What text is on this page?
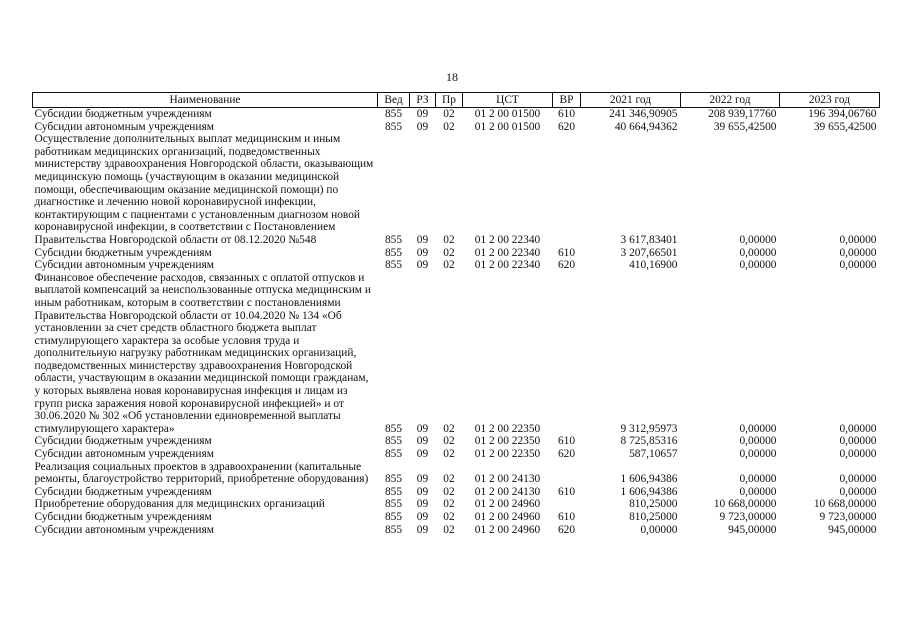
18
Наименование	Вед	РЗ	Пр	ЦСТ	ВР	2021 год	2022 год	2023 год
Субсидии бюджетным учреждениям	855	09	02	01 2 00 01500	610	241 346,90905	208 939,17760	196 394,06760
Субсидии автономным учреждениям	855	09	02	01 2 00 01500	620	40 664,94362	39 655,42500	39 655,42500
Осуществление дополнительных выплат медицинским и иным работникам медицинских организаций, подведомственных министерству здравоохранения Новгородской области, оказывающим медицинскую помощь (участвующим в оказании медицинской помощи, обеспечивающим оказание медицинской помощи) по диагностике и лечению новой коронавирусной инфекции, контактирующим с пациентами с установленным диагнозом новой коронавирусной инфекции, в соответствии с Постановлением Правительства Новгородской области от 08.12.2020 №548	855	09	02	01 2 00 22340		3 617,83401	0,00000	0,00000
Субсидии бюджетным учреждениям	855	09	02	01 2 00 22340	610	3 207,66501	0,00000	0,00000
Субсидии автономным учреждениям	855	09	02	01 2 00 22340	620	410,16900	0,00000	0,00000
Финансовое обеспечение расходов, связанных с оплатой отпусков и выплатой компенсаций за неиспользованные отпуска медицинским и иным работникам, которым в соответствии с постановлениями Правительства Новгородской области от 10.04.2020 № 134 «Об установлении за счет средств областного бюджета выплат стимулирующего характера за особые условия труда и дополнительную нагрузку работникам медицинских организаций, подведомственных министерству здравоохранения Новгородской области, участвующим в оказании медицинской помощи гражданам, у которых выявлена новая коронавирусная инфекция и лицам из групп риска заражения новой коронавирусной инфекцией» и от 30.06.2020 № 302 «Об установлении единовременной выплаты стимулирующего характера»	855	09	02	01 2 00 22350		9 312,95973	0,00000	0,00000
Субсидии бюджетным учреждениям	855	09	02	01 2 00 22350	610	8 725,85316	0,00000	0,00000
Субсидии автономным учреждениям	855	09	02	01 2 00 22350	620	587,10657	0,00000	0,00000
Реализация социальных проектов в здравоохранении (капитальные ремонты, благоустройство территорий, приобретение оборудования)	855	09	02	01 2 00 24130		1 606,94386	0,00000	0,00000
Субсидии бюджетным учреждениям	855	09	02	01 2 00 24130	610	1 606,94386	0,00000	0,00000
Приобретение оборудования для медицинских организаций	855	09	02	01 2 00 24960		810,25000	10 668,00000	10 668,00000
Субсидии бюджетным учреждениям	855	09	02	01 2 00 24960	610	810,25000	9 723,00000	9 723,00000
Субсидии автономным учреждениям	855	09	02	01 2 00 24960	620	0,00000	945,00000	945,00000
